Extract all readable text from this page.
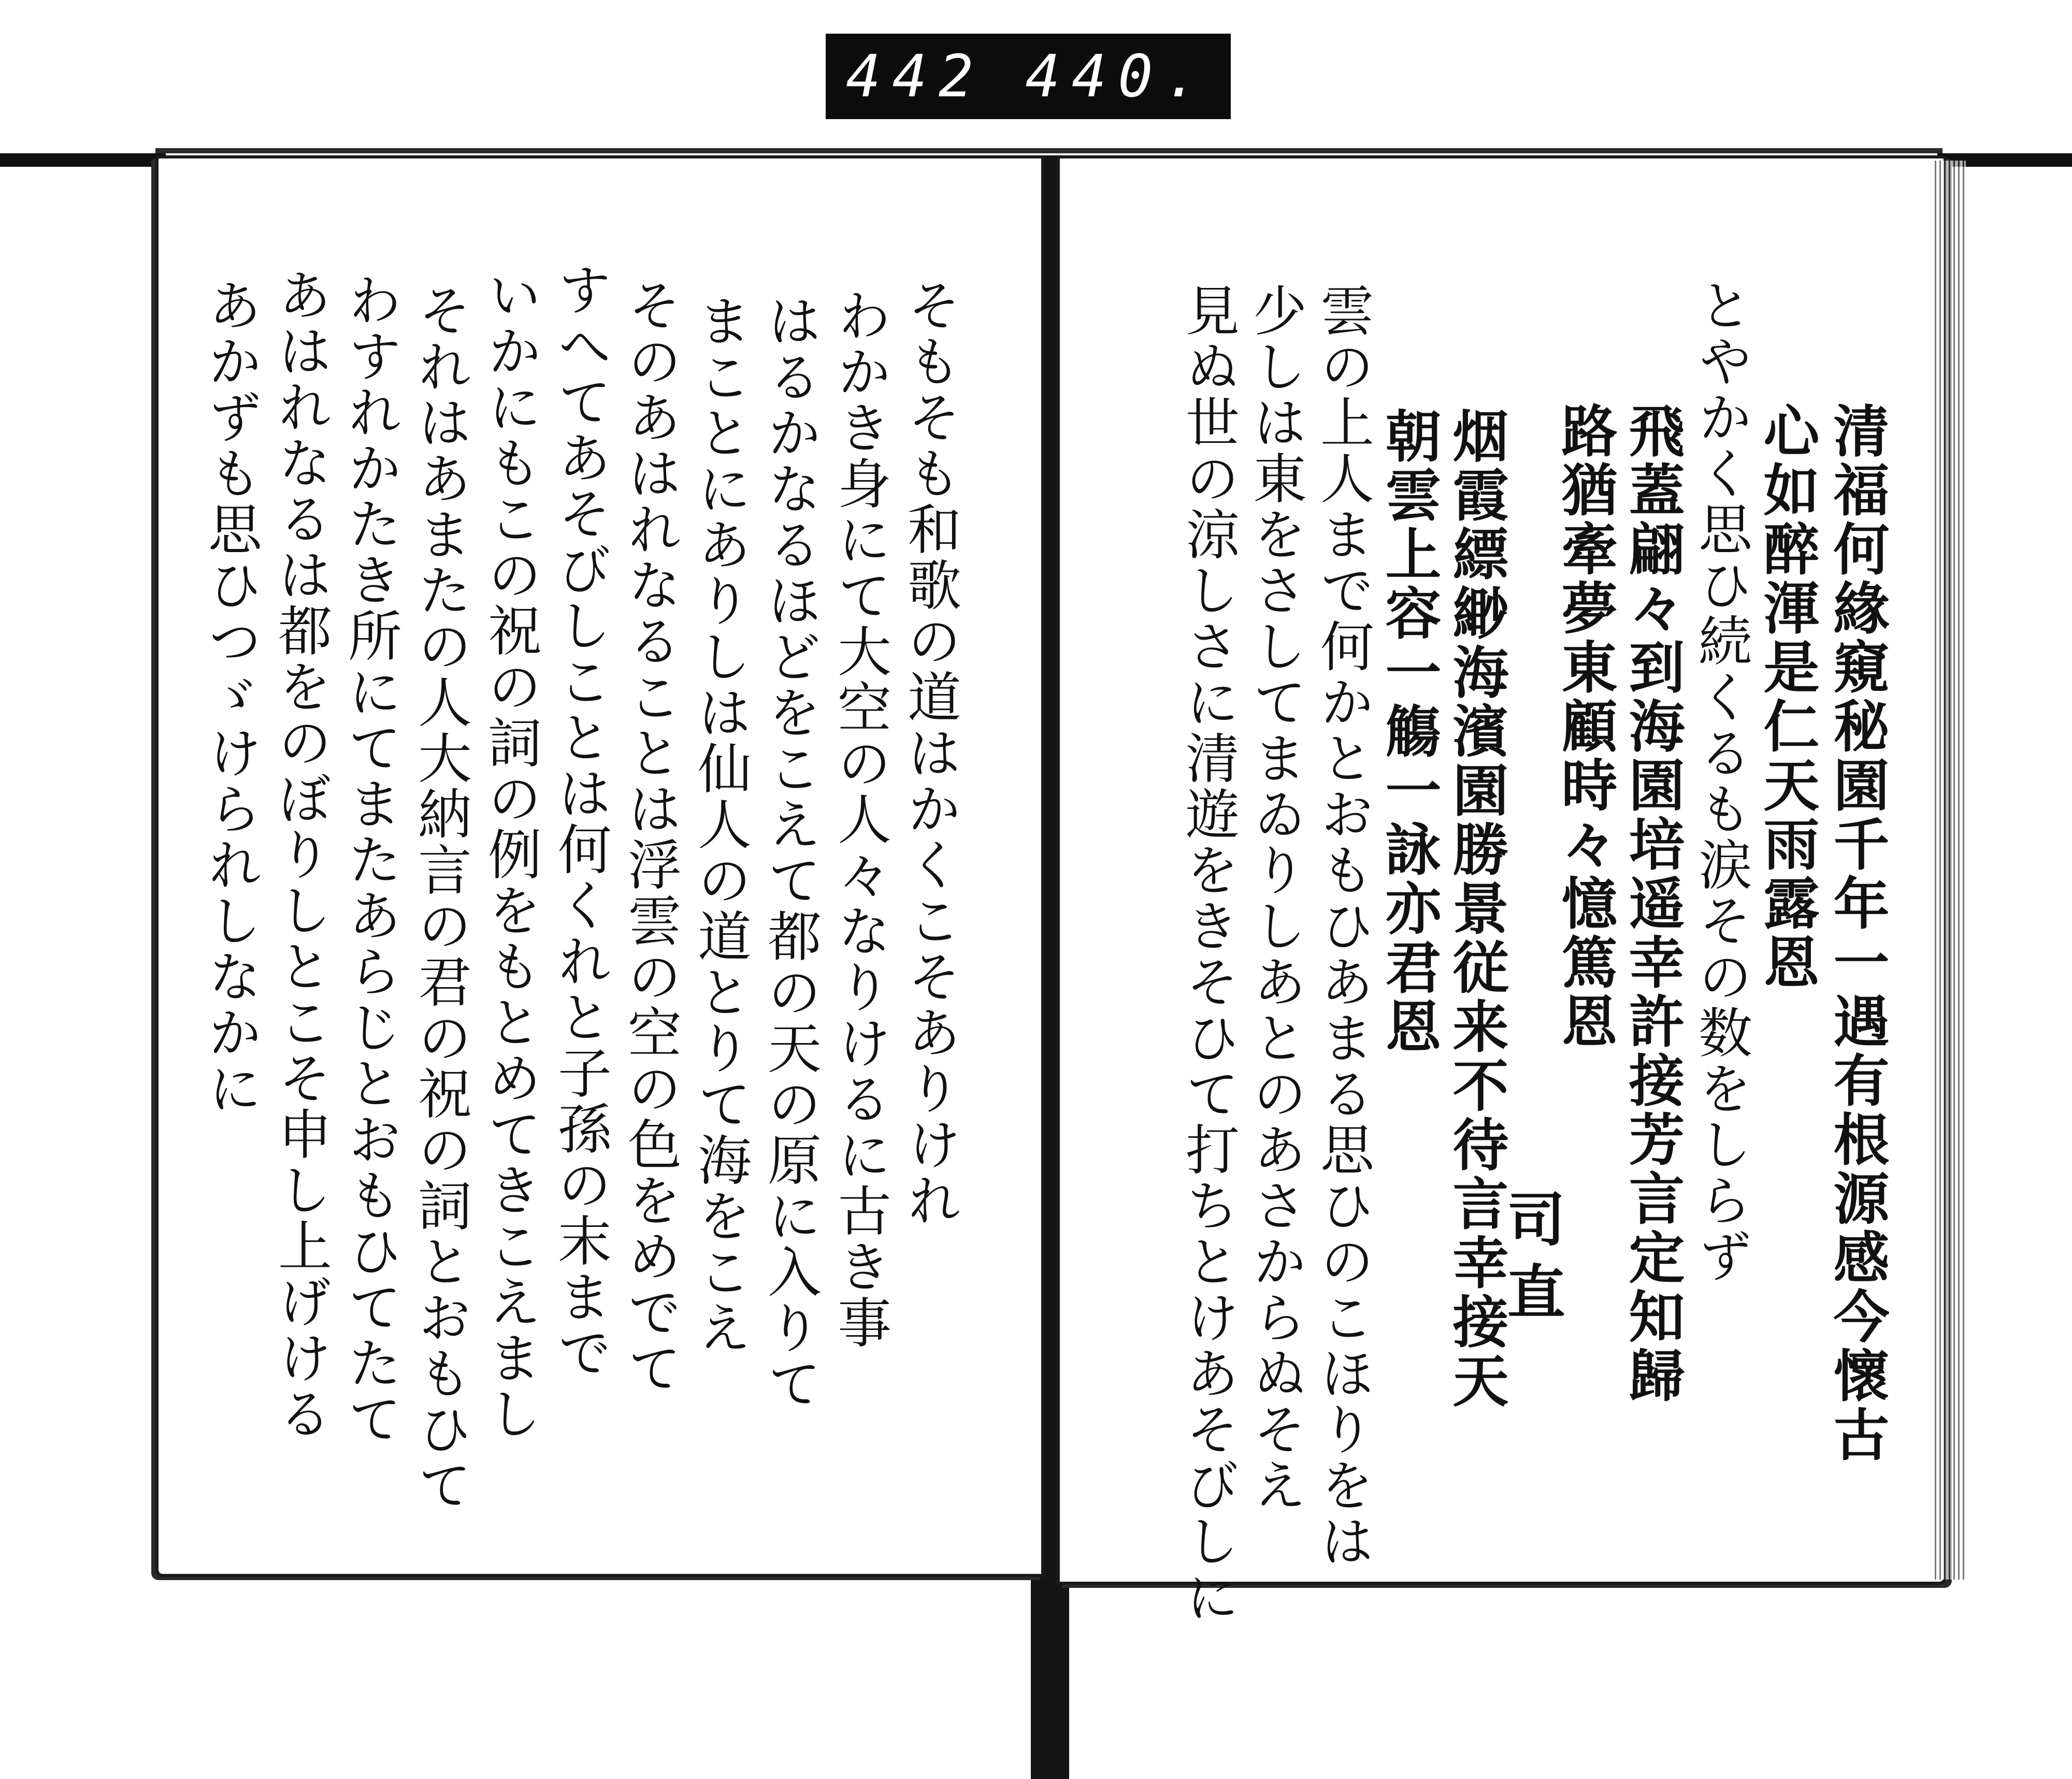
442 440.
そもそも和歌の道はかくこそありけれ
わかき身にて大空の人々なりけるに古き事
はるかなるほどをこえて都の天の原に入りて
まことにありしは仙人の道とりて海をこえ
そのあはれなることは浮雲の空の色をめでて
すへてあそびしことは何くれと子孫の末まで
いかにもこの祝の詞の例をもとめてきこえまし
それはあまたの人大納言の君の祝の詞とおもひて
わすれかたき所にてまたあらじとおもひてたて
あはれなるは都をのぼりしとこそ申し上げける
あかずも思ひつゞけられしなかに	清福何緣窺秘園千年一遇有根源感今懷古
心如醉渾是仁天雨露恩
とやかく思ひ続くるも涙その数をしらず
飛蓋翩々到海園培遥幸許接芳言定知歸
路猶牽夢東顧時々憶篤恩
司直
烟霞縹緲海濱園勝景従来不待言幸接天
朝雲上容一觴一詠亦君恩
雲の上人まで何かとおもひあまる思ひのこほりをは
少しは東をさしてまゐりしあとのあさからぬそえ
見ぬ世の涼しさに清遊をきそひて打ちとけあそびしに
